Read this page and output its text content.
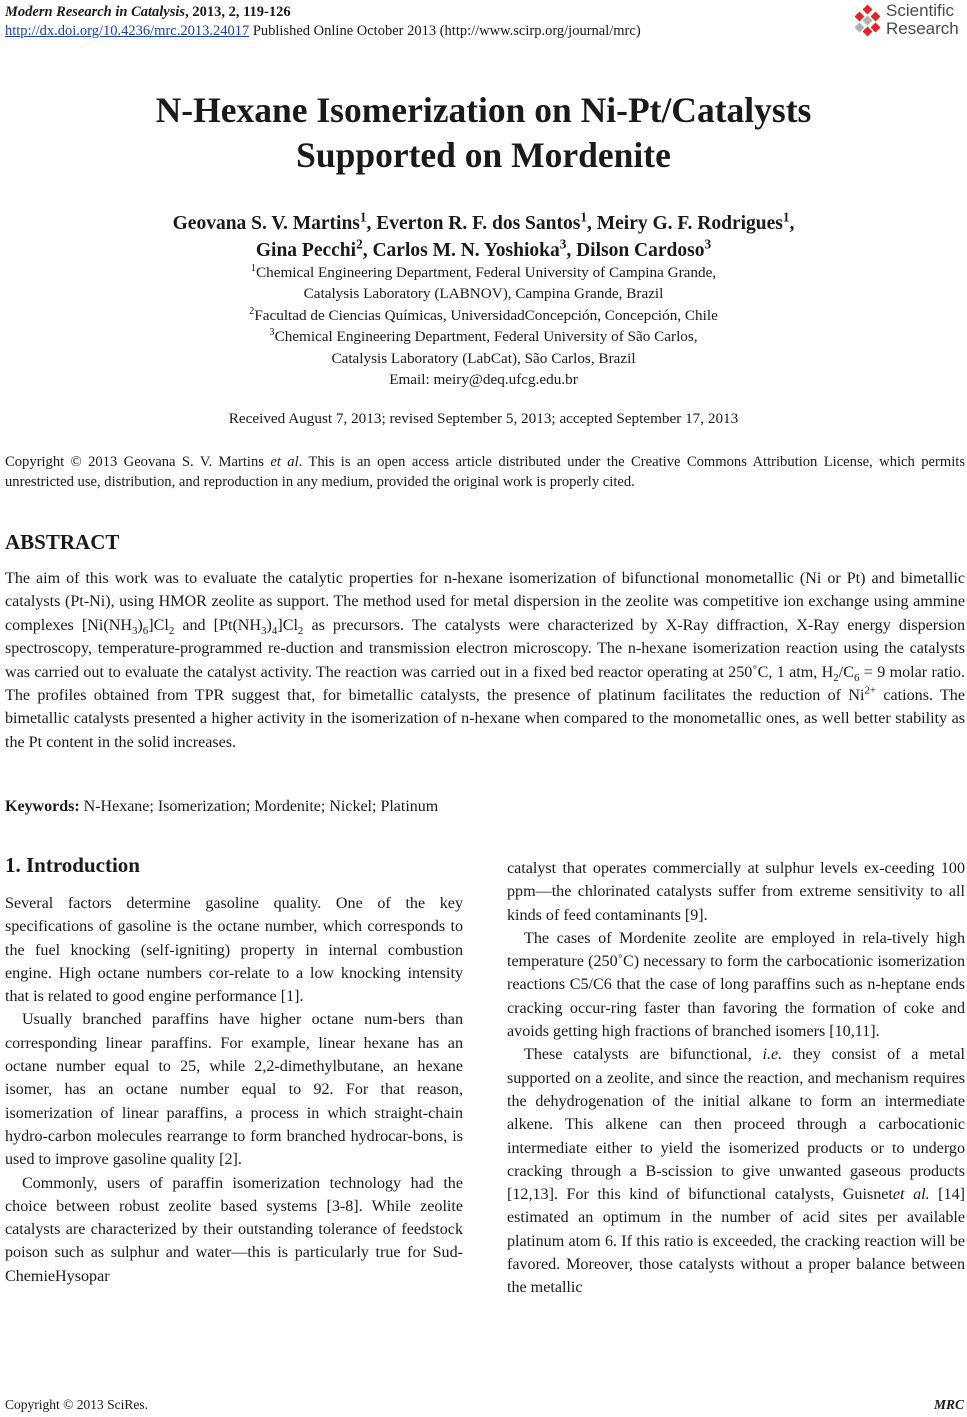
Modern Research in Catalysis, 2013, 2, 119-126
http://dx.doi.org/10.4236/mrc.2013.24017 Published Online October 2013 (http://www.scirp.org/journal/mrc)
Scientific
Research
N-Hexane Isomerization on Ni-Pt/Catalysts
Supported on Mordenite
Geovana S. V. Martins$^1$, Everton R. F. dos Santos$^1$, Meiry G. F. Rodrigues$^1$,
Gina Pecchi$^2$, Carlos M. N. Yoshioka$^3$, Dilson Cardoso$^3$
$^1$Chemical Engineering Department, Federal University of Campina Grande,
Catalysis Laboratory (LABNOV), Campina Grande, Brazil
$^2$Facultad de Ciencias Químicas, UniversidadConcepción, Concepción, Chile
$^3$Chemical Engineering Department, Federal University of São Carlos,
Catalysis Laboratory (LabCat), São Carlos, Brazil
Email: meiry@deq.ufcg.edu.br
Received August 7, 2013; revised September 5, 2013; accepted September 17, 2013
Copyright © 2013 Geovana S. V. Martins et al. This is an open access article distributed under the Creative Commons Attribution License, which permits unrestricted use, distribution, and reproduction in any medium, provided the original work is properly cited.
ABSTRACT
The aim of this work was to evaluate the catalytic properties for n-hexane isomerization of bifunctional monometallic (Ni or Pt) and bimetallic catalysts (Pt-Ni), using HMOR zeolite as support. The method used for metal dispersion in the zeolite was competitive ion exchange using ammine complexes $[Ni(NH_3)_6]Cl_2$ and $[Pt(NH_3)_4]Cl_2$ as precursors. The catalysts were characterized by X-Ray diffraction, X-Ray energy dispersion spectroscopy, temperature-programmed re-duction and transmission electron microscopy. The n-hexane isomerization reaction using the catalysts was carried out to evaluate the catalyst activity. The reaction was carried out in a fixed bed reactor operating at 250˚C, 1 atm, $H_2/C_6 = 9$ molar ratio. The profiles obtained from TPR suggest that, for bimetallic catalysts, the presence of platinum facilitates the reduction of $Ni^{2+}$ cations. The bimetallic catalysts presented a higher activity in the isomerization of n-hexane when compared to the monometallic ones, as well better stability as the Pt content in the solid increases.
Keywords: N-Hexane; Isomerization; Mordenite; Nickel; Platinum
1. Introduction

Several factors determine gasoline quality. One of the key specifications of gasoline is the octane number, which corresponds to the fuel knocking (self-igniting) property in internal combustion engine. High octane numbers cor-relate to a low knocking intensity that is related to good engine performance [1].

Usually branched paraffins have higher octane num-bers than corresponding linear paraffins. For example, linear hexane has an octane number equal to 25, while 2,2-dimethylbutane, an hexane isomer, has an octane number equal to 92. For that reason, isomerization of linear paraffins, a process in which straight-chain hydro-carbon molecules rearrange to form branched hydrocar-bons, is used to improve gasoline quality [2].

Commonly, users of paraffin isomerization technology had the choice between robust zeolite based systems [3-8]. While zeolite catalysts are characterized by their outstanding tolerance of feedstock poison such as sulphur and water—this is particularly true for Sud-ChemieHysopar

catalyst that operates commercially at sulphur levels ex-ceeding 100 ppm—the chlorinated catalysts suffer from extreme sensitivity to all kinds of feed contaminants [9].

The cases of Mordenite zeolite are employed in rela-tively high temperature (250˚C) necessary to form the carbocationic isomerization reactions C5/C6 that the case of long paraffins such as n-heptane ends cracking occur-ring faster than favoring the formation of coke and avoids getting high fractions of branched isomers [10,11].

These catalysts are bifunctional, i.e. they consist of a metal supported on a zeolite, and since the reaction, and mechanism requires the dehydrogenation of the initial alkane to form an intermediate alkene. This alkene can then proceed through a carbocationic intermediate either to yield the isomerized products or to undergo cracking through a B-scission to give unwanted gaseous products [12,13]. For this kind of bifunctional catalysts, Guisnetet al. [14] estimated an optimum in the number of acid sites per available platinum atom 6. If this ratio is exceeded, the cracking reaction will be favored. Moreover, those catalysts without a proper balance between the metallic

Copyright © 2013 SciRes.	MRC
